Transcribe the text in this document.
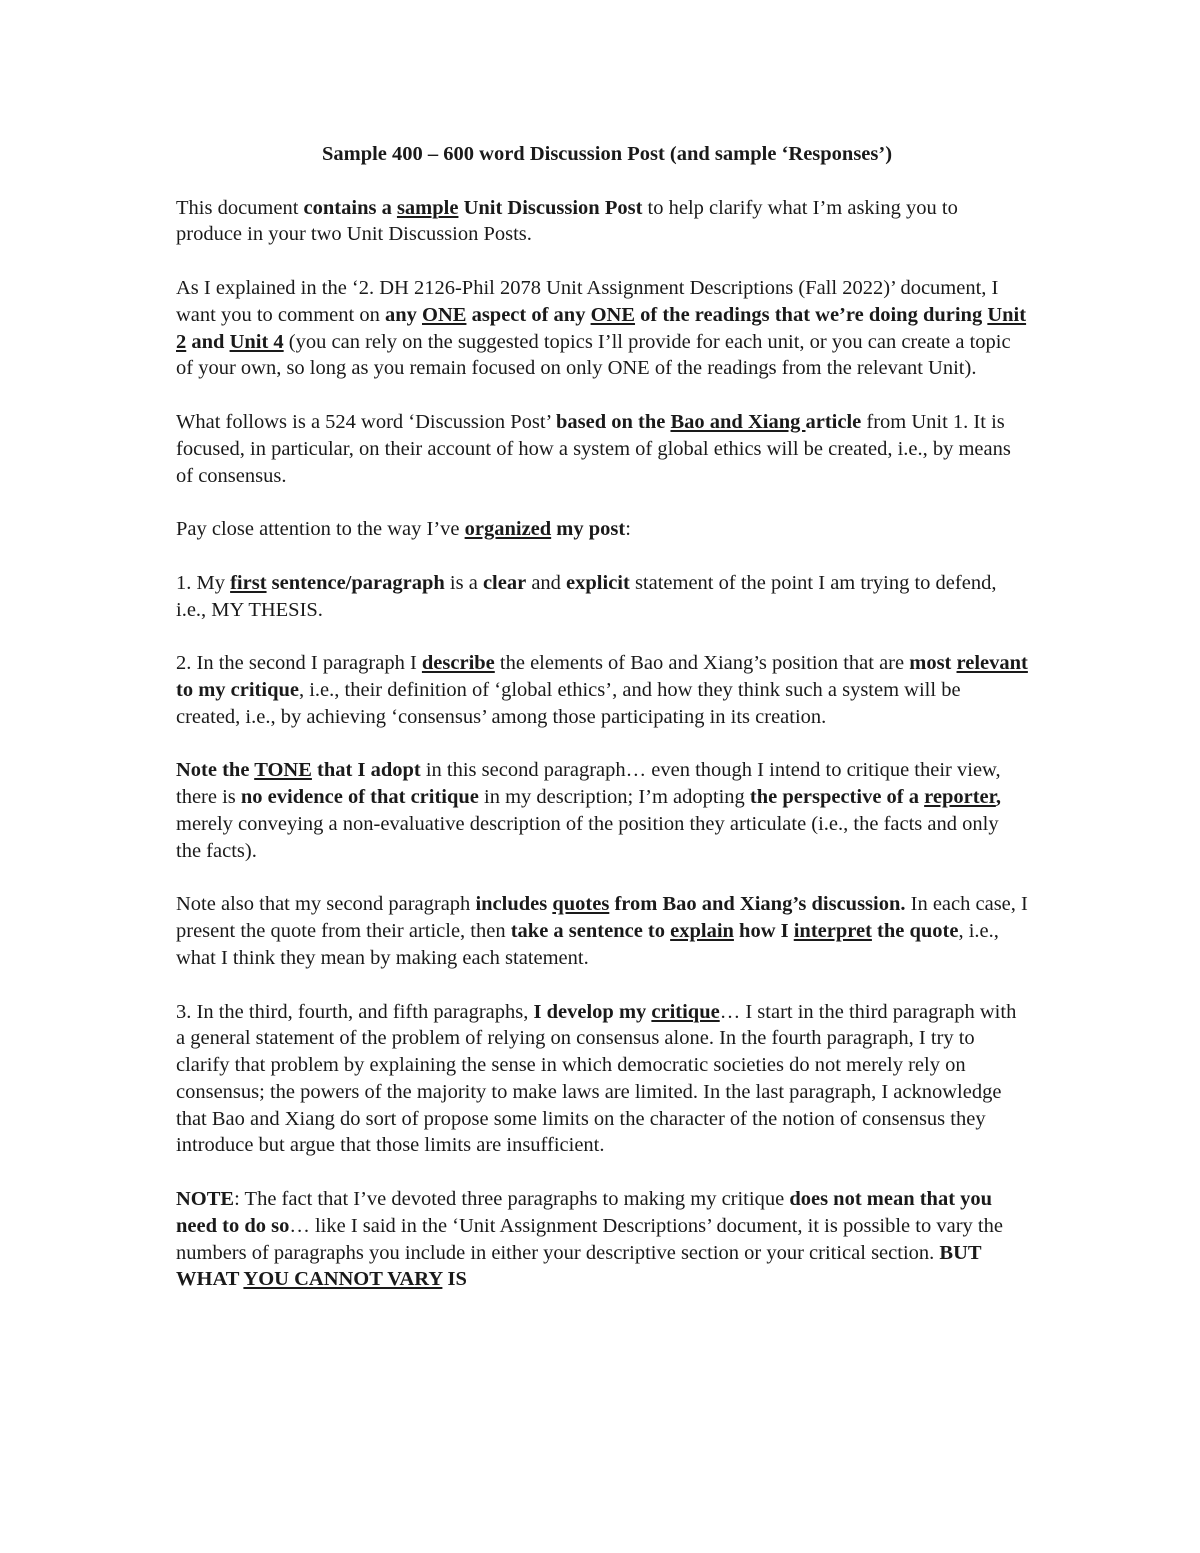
Sample 400 – 600 word Discussion Post (and sample ‘Responses’)

This document contains a sample Unit Discussion Post to help clarify what I’m asking you to produce in your two Unit Discussion Posts.

As I explained in the ‘2. DH 2126-Phil 2078 Unit Assignment Descriptions (Fall 2022)’ document, I want you to comment on any ONE aspect of any ONE of the readings that we’re doing during Unit 2 and Unit 4 (you can rely on the suggested topics I’ll provide for each unit, or you can create a topic of your own, so long as you remain focused on only ONE of the readings from the relevant Unit).

What follows is a 524 word ‘Discussion Post’ based on the Bao and Xiang article from Unit 1. It is focused, in particular, on their account of how a system of global ethics will be created, i.e., by means of consensus.

Pay close attention to the way I’ve organized my post:

1. My first sentence/paragraph is a clear and explicit statement of the point I am trying to defend, i.e., MY THESIS.

2. In the second I paragraph I describe the elements of Bao and Xiang’s position that are most relevant to my critique, i.e., their definition of ‘global ethics’, and how they think such a system will be created, i.e., by achieving ‘consensus’ among those participating in its creation.

Note the TONE that I adopt in this second paragraph… even though I intend to critique their view, there is no evidence of that critique in my description; I’m adopting the perspective of a reporter, merely conveying a non-evaluative description of the position they articulate (i.e., the facts and only the facts).

Note also that my second paragraph includes quotes from Bao and Xiang’s discussion. In each case, I present the quote from their article, then take a sentence to explain how I interpret the quote, i.e., what I think they mean by making each statement.

3. In the third, fourth, and fifth paragraphs, I develop my critique… I start in the third paragraph with a general statement of the problem of relying on consensus alone. In the fourth paragraph, I try to clarify that problem by explaining the sense in which democratic societies do not merely rely on consensus; the powers of the majority to make laws are limited. In the last paragraph, I acknowledge that Bao and Xiang do sort of propose some limits on the character of the notion of consensus they introduce but argue that those limits are insufficient.

NOTE: The fact that I’ve devoted three paragraphs to making my critique does not mean that you need to do so… like I said in the ‘Unit Assignment Descriptions’ document, it is possible to vary the numbers of paragraphs you include in either your descriptive section or your critical section. BUT WHAT YOU CANNOT VARY IS
